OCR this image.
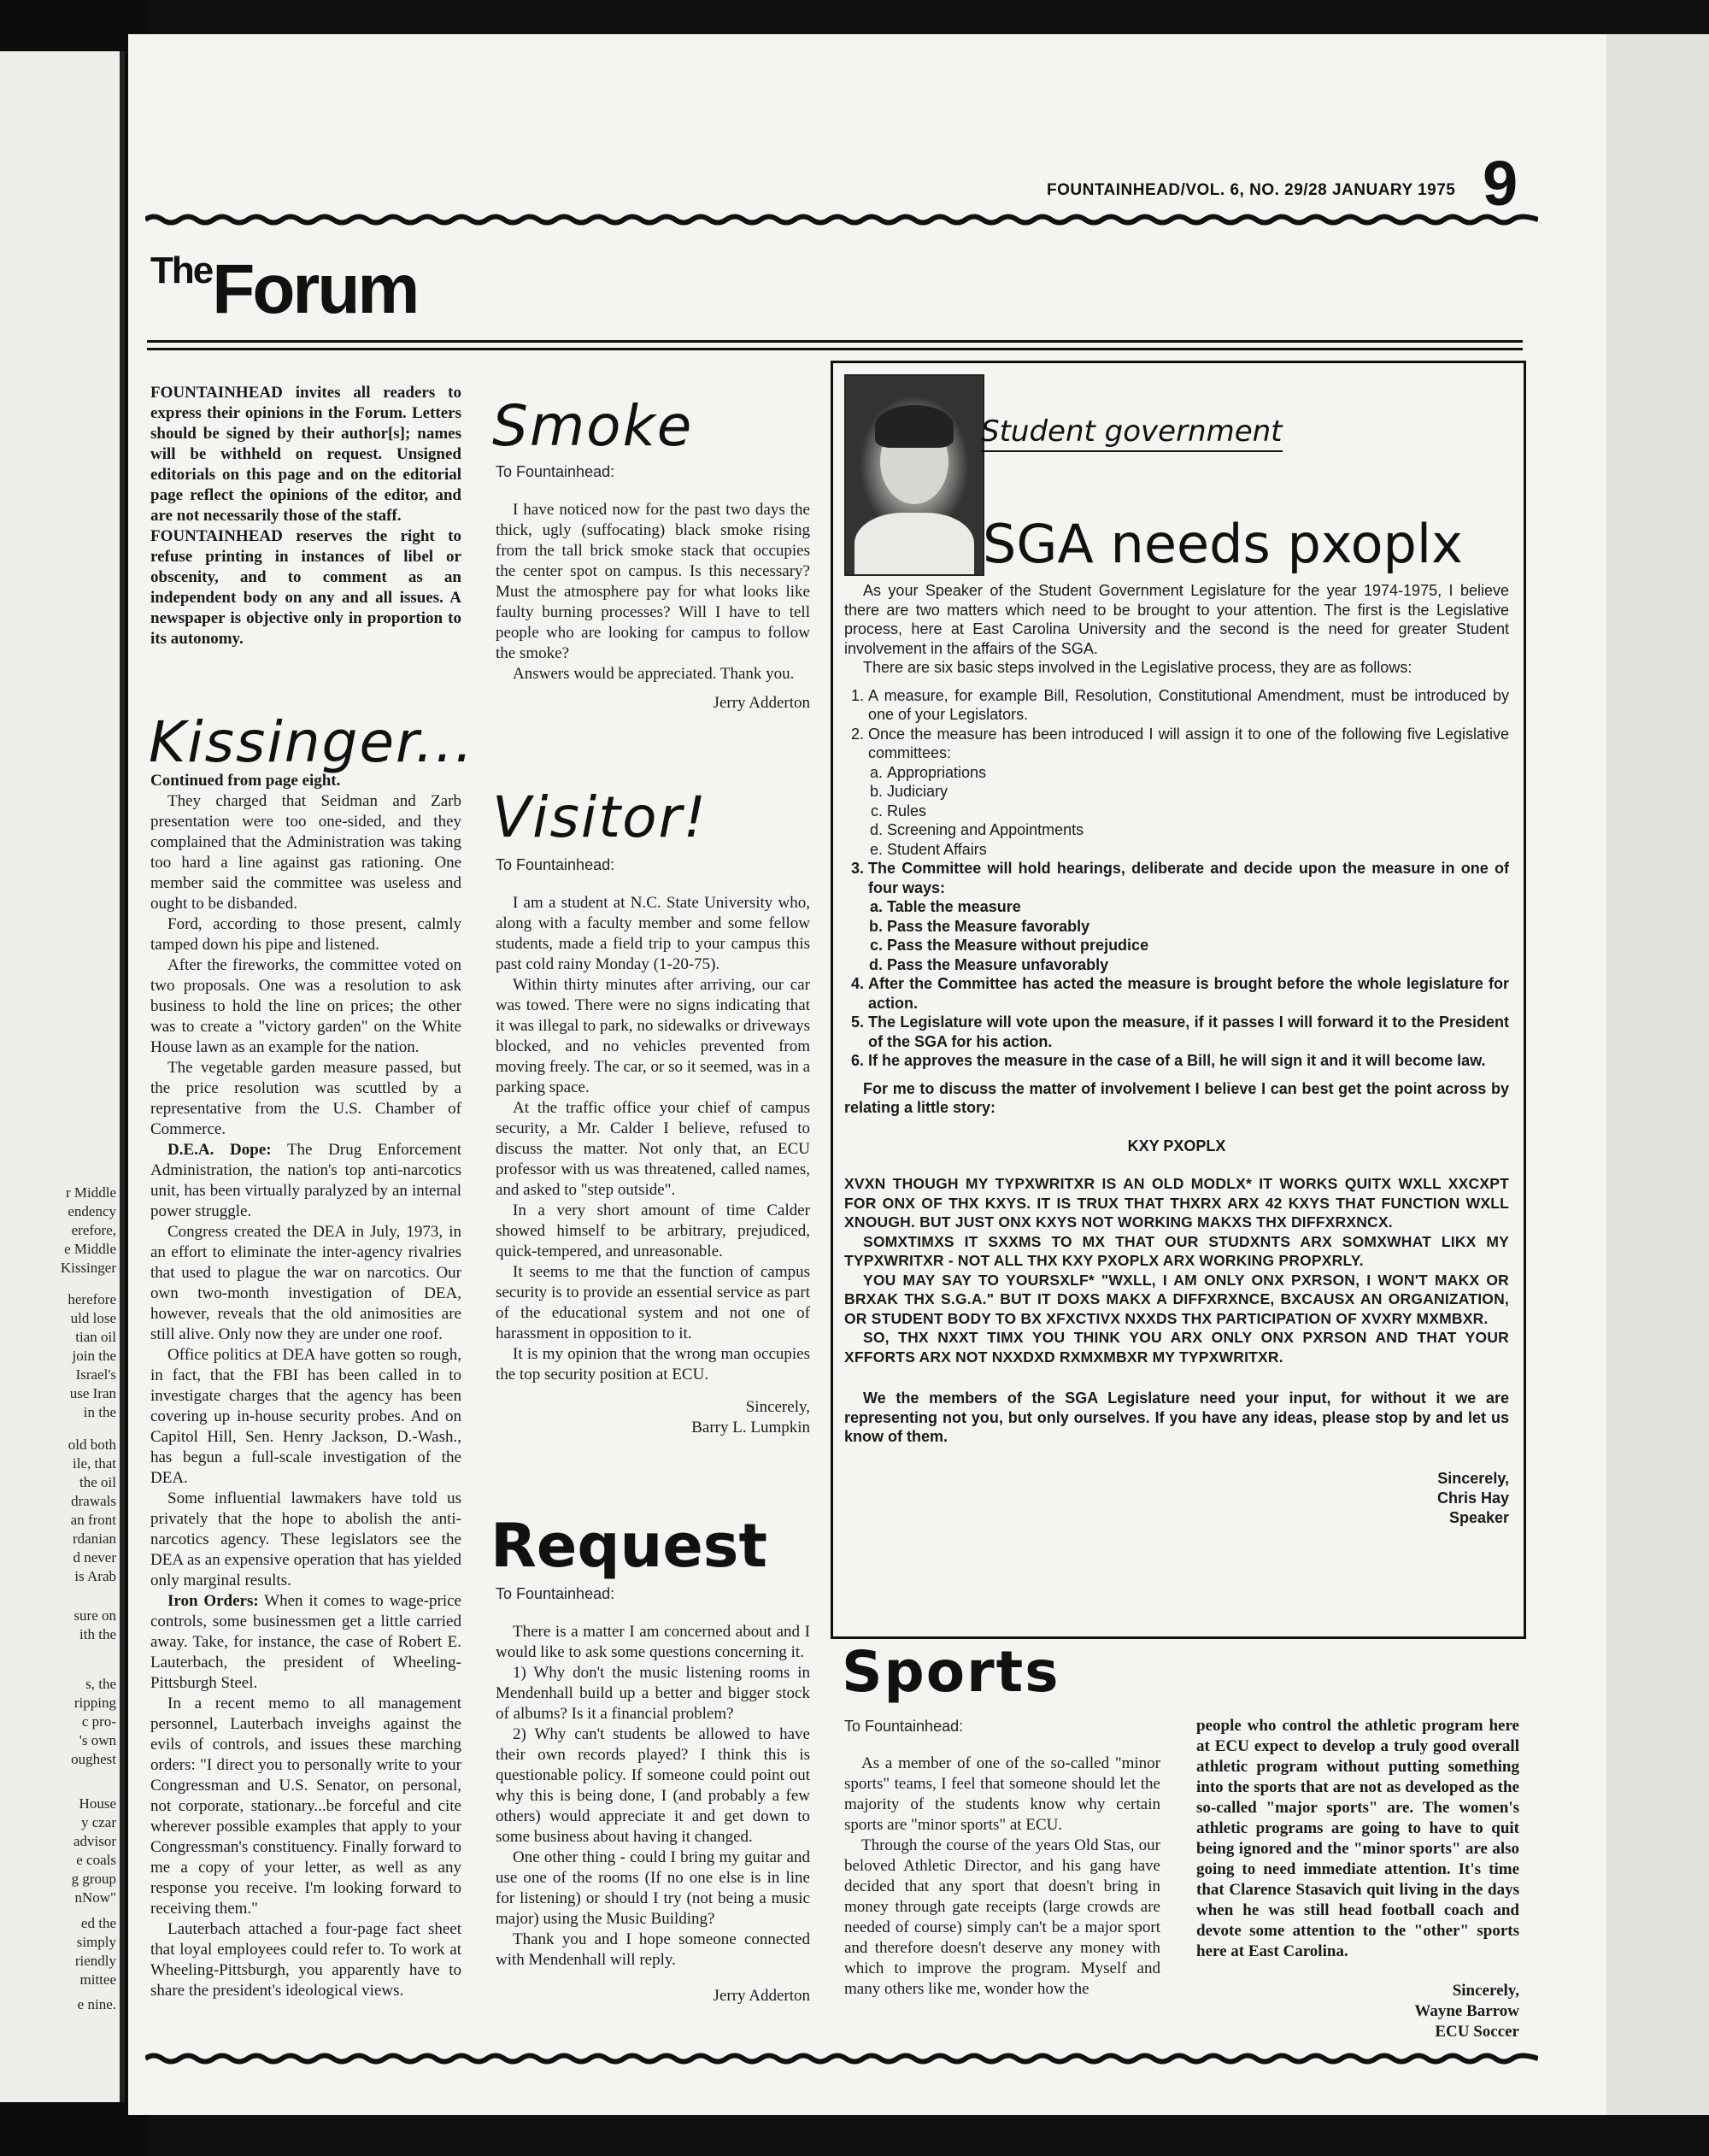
r Middle
endency
erefore,
e Middle
Kissinger
herefore
uld lose
tian oil
join the
Israel's
use Iran
in the
old both
ile, that
the oil
drawals
an front
rdanian
d never
is Arab
sure on
ith the
s, the
ripping
c pro-
's own
oughest
House
y czar
advisor
e coals
g group
nNow"
ed the
simply
riendly
mittee
e nine.
FOUNTAINHEAD/VOL. 6, NO. 29/28 JANUARY 1975 9
TheForum

FOUNTAINHEAD invites all readers to express their opinions in the Forum. Letters should be signed by their author[s]; names will be withheld on request. Unsigned editorials on this page and on the editorial page reflect the opinions of the editor, and are not necessarily those of the staff.

FOUNTAINHEAD reserves the right to refuse printing in instances of libel or obscenity, and to comment as an independent body on any and all issues. A newspaper is objective only in proportion to its autonomy.

Kissinger...

Continued from page eight.

They charged that Seidman and Zarb presentation were too one-sided, and they complained that the Administration was taking too hard a line against gas rationing. One member said the committee was useless and ought to be disbanded.

Ford, according to those present, calmly tamped down his pipe and listened.

After the fireworks, the committee voted on two proposals. One was a resolution to ask business to hold the line on prices; the other was to create a "victory garden" on the White House lawn as an example for the nation.

The vegetable garden measure passed, but the price resolution was scuttled by a representative from the U.S. Chamber of Commerce.

D.E.A. Dope: The Drug Enforcement Administration, the nation's top anti-narcotics unit, has been virtually paralyzed by an internal power struggle.

Congress created the DEA in July, 1973, in an effort to eliminate the inter-agency rivalries that used to plague the war on narcotics. Our own two-month investigation of DEA, however, reveals that the old animosities are still alive. Only now they are under one roof.

Office politics at DEA have gotten so rough, in fact, that the FBI has been called in to investigate charges that the agency has been covering up in-house security probes. And on Capitol Hill, Sen. Henry Jackson, D.-Wash., has begun a full-scale investigation of the DEA.

Some influential lawmakers have told us privately that the hope to abolish the anti-narcotics agency. These legislators see the DEA as an expensive operation that has yielded only marginal results.

Iron Orders: When it comes to wage-price controls, some businessmen get a little carried away. Take, for instance, the case of Robert E. Lauterbach, the president of Wheeling-Pittsburgh Steel.

In a recent memo to all management personnel, Lauterbach inveighs against the evils of controls, and issues these marching orders: "I direct you to personally write to your Congressman and U.S. Senator, on personal, not corporate, stationary...be forceful and cite wherever possible examples that apply to your Congressman's constituency. Finally forward to me a copy of your letter, as well as any response you receive. I'm looking forward to receiving them."

Lauterbach attached a four-page fact sheet that loyal employees could refer to. To work at Wheeling-Pittsburgh, you apparently have to share the president's ideological views.

Smoke
To Fountainhead:

I have noticed now for the past two days the thick, ugly (suffocating) black smoke rising from the tall brick smoke stack that occupies the center spot on campus. Is this necessary? Must the atmosphere pay for what looks like faulty burning processes? Will I have to tell people who are looking for campus to follow the smoke?

Answers would be appreciated. Thank you.

Jerry Adderton
Visitor!
To Fountainhead:

I am a student at N.C. State University who, along with a faculty member and some fellow students, made a field trip to your campus this past cold rainy Monday (1-20-75).

Within thirty minutes after arriving, our car was towed. There were no signs indicating that it was illegal to park, no sidewalks or driveways blocked, and no vehicles prevented from moving freely. The car, or so it seemed, was in a parking space.

At the traffic office your chief of campus security, a Mr. Calder I believe, refused to discuss the matter. Not only that, an ECU professor with us was threatened, called names, and asked to "step outside".

In a very short amount of time Calder showed himself to be arbitrary, prejudiced, quick-tempered, and unreasonable.

It seems to me that the function of campus security is to provide an essential service as part of the educational system and not one of harassment in opposition to it.

It is my opinion that the wrong man occupies the top security position at ECU.

Sincerely,
Barry L. Lumpkin
Request
To Fountainhead:

There is a matter I am concerned about and I would like to ask some questions concerning it.

1) Why don't the music listening rooms in Mendenhall build up a better and bigger stock of albums? Is it a financial problem?

2) Why can't students be allowed to have their own records played? I think this is questionable policy. If someone could point out why this is being done, I (and probably a few others) would appreciate it and get down to some business about having it changed.

One other thing - could I bring my guitar and use one of the rooms (If no one else is in line for listening) or should I try (not being a music major) using the Music Building?

Thank you and I hope someone connected with Mendenhall will reply.

Jerry Adderton
Student government
SGA needs pxoplx

As your Speaker of the Student Government Legislature for the year 1974-1975, I believe there are two matters which need to be brought to your attention. The first is the Legislative process, here at East Carolina University and the second is the need for greater Student involvement in the affairs of the SGA.

There are six basic steps involved in the Legislative process, they are as follows:

1. A measure, for example Bill, Resolution, Constitutional Amendment, must be introduced by one of your Legislators.
2. Once the measure has been introduced I will assign it to one of the following five Legislative committees:
a. Appropriations
b. Judiciary
c. Rules
d. Screening and Appointments
e. Student Affairs
3. The Committee will hold hearings, deliberate and decide upon the measure in one of four ways:
a. Table the measure
b. Pass the Measure favorably
c. Pass the Measure without prejudice
d. Pass the Measure unfavorably
4. After the Committee has acted the measure is brought before the whole legislature for action.
5. The Legislature will vote upon the measure, if it passes I will forward it to the President of the SGA for his action.
6. If he approves the measure in the case of a Bill, he will sign it and it will become law.

For me to discuss the matter of involvement I believe I can best get the point across by relating a little story:

KXY PXOPLX

XVXN THOUGH MY TYPXWRITXR IS AN OLD MODLX* IT WORKS QUITX WXLL XXCXPT FOR ONX OF THX KXYS. IT IS TRUX THAT THXRX ARX 42 KXYS THAT FUNCTION WXLL XNOUGH. BUT JUST ONX KXYS NOT WORKING MAKXS THX DIFFXRXNCX.

SOMXTIMXS IT SXXMS TO MX THAT OUR STUDXNTS ARX SOMXWHAT LIKX MY TYPXWRITXR - NOT ALL THX KXY PXOPLX ARX WORKING PROPXRLY.

YOU MAY SAY TO YOURSXLF* "WXLL, I AM ONLY ONX PXRSON, I WON'T MAKX OR BRXAK THX S.G.A." BUT IT DOXS MAKX A DIFFXRXNCE, BXCAUSX AN ORGANIZATION, OR STUDENT BODY TO BX XFXCTIVX NXXDS THX PARTICIPATION OF XVXRY MXMBXR.

SO, THX NXXT TIMX YOU THINK YOU ARX ONLY ONX PXRSON AND THAT YOUR XFFORTS ARX NOT NXXDXD RXMXMBXR MY TYPXWRITXR.

We the members of the SGA Legislature need your input, for without it we are representing not you, but only ourselves. If you have any ideas, please stop by and let us know of them.

Sincerely,
Chris Hay
Speaker
Sports
To Fountainhead:

As a member of one of the so-called "minor sports" teams, I feel that someone should let the majority of the students know why certain sports are "minor sports" at ECU.

Through the course of the years Old Stas, our beloved Athletic Director, and his gang have decided that any sport that doesn't bring in money through gate receipts (large crowds are needed of course) simply can't be a major sport and therefore doesn't deserve any money with which to improve the program. Myself and many others like me, wonder how the

people who control the athletic program here at ECU expect to develop a truly good overall athletic program without putting something into the sports that are not as developed as the so-called "major sports" are. The women's athletic programs are going to have to quit being ignored and the "minor sports" are also going to need immediate attention. It's time that Clarence Stasavich quit living in the days when he was still head football coach and devote some attention to the "other" sports here at East Carolina.

Sincerely,
Wayne Barrow
ECU Soccer
